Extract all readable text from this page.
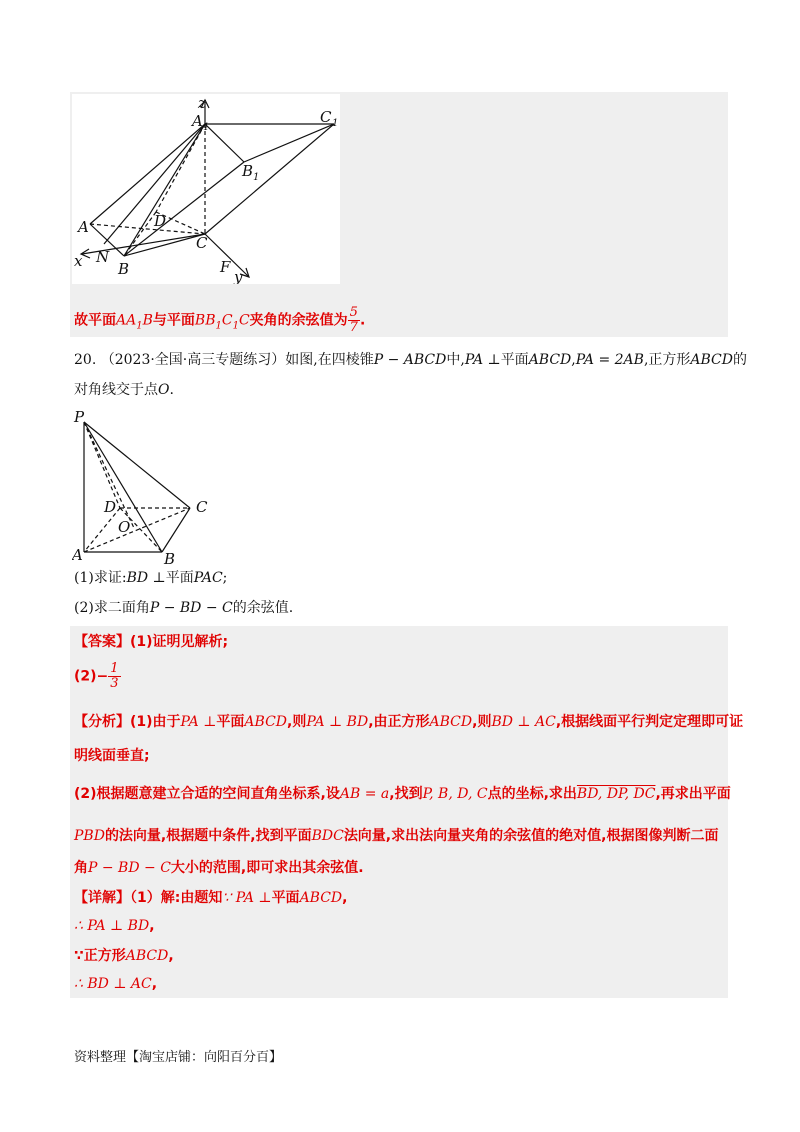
z
A 1
C 1
B 1
A	D
C
x N
B	F
y
故平面$AA_1B$与平面$BB_1C_1C$夹角的余弦值为 $\frac{5}{7}$ .
20. （2023·全国·高三专题练习）如图,在四棱锥P − ABCD中,PA ⊥平面ABCD,PA = 2AB,正方形ABCD的
对角线交于点O.
P
D	C
O
A	B
(1)求证:BD ⊥平面PAC;
(2)求二面角P − BD − C的余弦值.
【答案】(1)证明见解析;
$(2)- \frac{1}{3}$
【分析】(1)由于PA ⊥平面ABCD,则PA ⊥ BD,由正方形ABCD,则BD ⊥ AC,根据线面平行判定定理即可证
明线面垂直;
(2)根据题意建立合适的空间直角坐标系,设AB = a,找到P, B, D, C点的坐标,求出BD, DP, DC,再求出平面
PBD的法向量,根据题中条件,找到平面BDC法向量,求出法向量夹角的余弦值的绝对值,根据图像判断二面
角P − BD − C大小的范围,即可求出其余弦值.
【详解】（1）解:由题知∵ PA ⊥平面ABCD,
∴ PA ⊥ BD,
∵正方形ABCD,
∴ BD ⊥ AC,
资料整理【淘宝店铺：向阳百分百】
